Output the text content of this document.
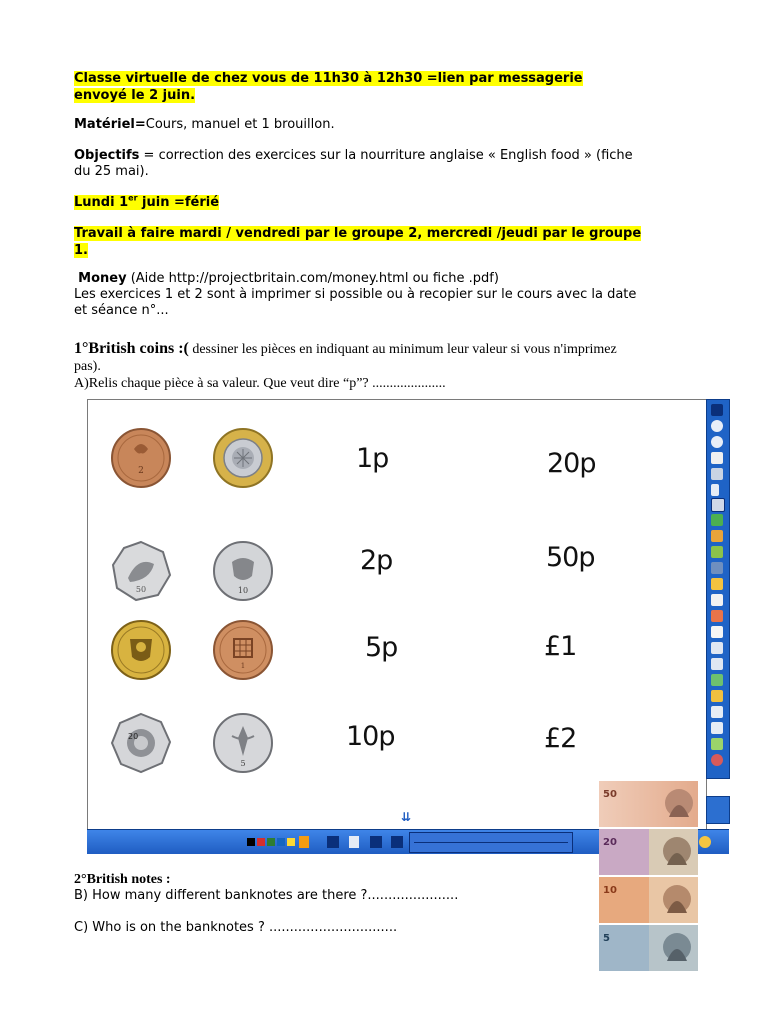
Classe virtuelle de chez vous de 11h30 à 12h30 =lien par messagerie
envoyé le 2 juin.
Matériel=Cours, manuel et 1 brouillon.
Objectifs = correction des exercices sur la nourriture anglaise « English food » (fiche
du 25 mai).
Lundi 1er juin =férié
Travail à faire mardi / vendredi par le groupe 2, mercredi /jeudi par le groupe
1.
Money (Aide http://projectbritain.com/money.html ou fiche .pdf)
Les exercices 1 et 2 sont à imprimer si possible ou à recopier sur le cours avec la date
et séance n°...
1°British coins :( dessiner les pièces en indiquant au minimum leur valeur si vous n'imprimez
pas).
A)Relis chaque pièce à sa valeur. Que veut dire “p”? .....................
2
50	10
1
20
5
1p	20p
2p	50p
5p	£1
10p	£2
⇊
50
20
10
5
2°British notes :
B) How many different banknotes are there ?......................
C) Who is on the banknotes ? ...............................
